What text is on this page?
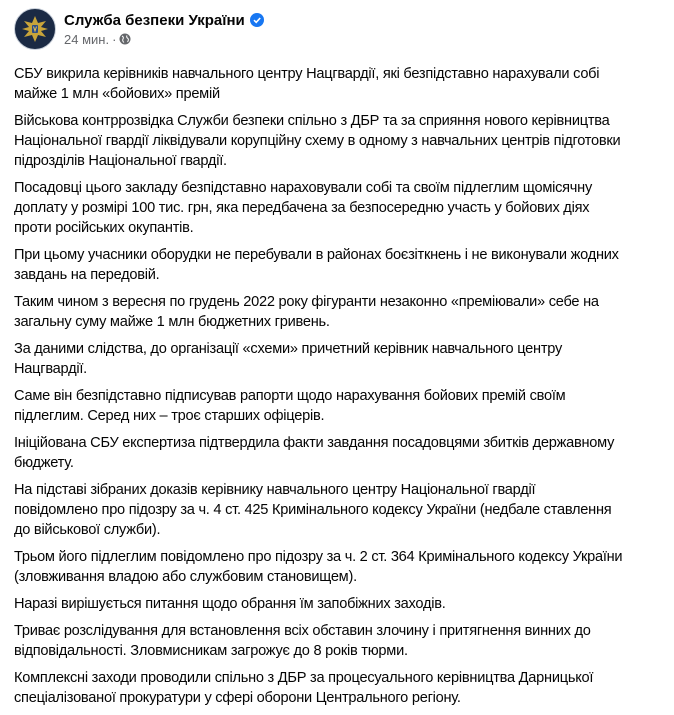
Служба безпеки України
24 мин. ·
СБУ викрила керівників навчального центру Нацгвардії, які безпідставно нарахували собі
майже 1 млн «бойових» премій
Військова контррозвідка Служби безпеки спільно з ДБР та за сприяння нового керівництва
Національної гвардії ліквідували корупційну схему в одному з навчальних центрів підготовки
підрозділів Національної гвардії.
Посадовці цього закладу безпідставно нараховували собі та своїм підлеглим щомісячну
доплату у розмірі 100 тис. грн, яка передбачена за безпосередню участь у бойових діях
проти російських окупантів.
При цьому учасники оборудки не перебували в районах боєзіткнень і не виконували жодних
завдань на передовій.
Таким чином з вересня по грудень 2022 року фігуранти незаконно «преміювали» себе на
загальну суму майже 1 млн бюджетних гривень.
За даними слідства, до організації «схеми» причетний керівник навчального центру
Нацгвардії.
Саме він безпідставно підписував рапорти щодо нарахування бойових премій своїм
підлеглим. Серед них – троє старших офіцерів.
Ініційована СБУ експертиза підтвердила факти завдання посадовцями збитків державному
бюджету.
На підставі зібраних доказів керівнику навчального центру Національної гвардії
повідомлено про підозру за ч. 4 ст. 425 Кримінального кодексу України (недбале ставлення
до військової служби).
Трьом його підлеглим повідомлено про підозру за ч. 2 ст. 364 Кримінального кодексу України
(зловживання владою або службовим становищем).
Наразі вирішується питання щодо обрання їм запобіжних заходів.
Триває розслідування для встановлення всіх обставин злочину і притягнення винних до
відповідальності. Зловмисникам загрожує до 8 років тюрми.
Комплексні заходи проводили спільно з ДБР за процесуального керівництва Дарницької
спеціалізованої прокуратури у сфері оборони Центрального регіону.
